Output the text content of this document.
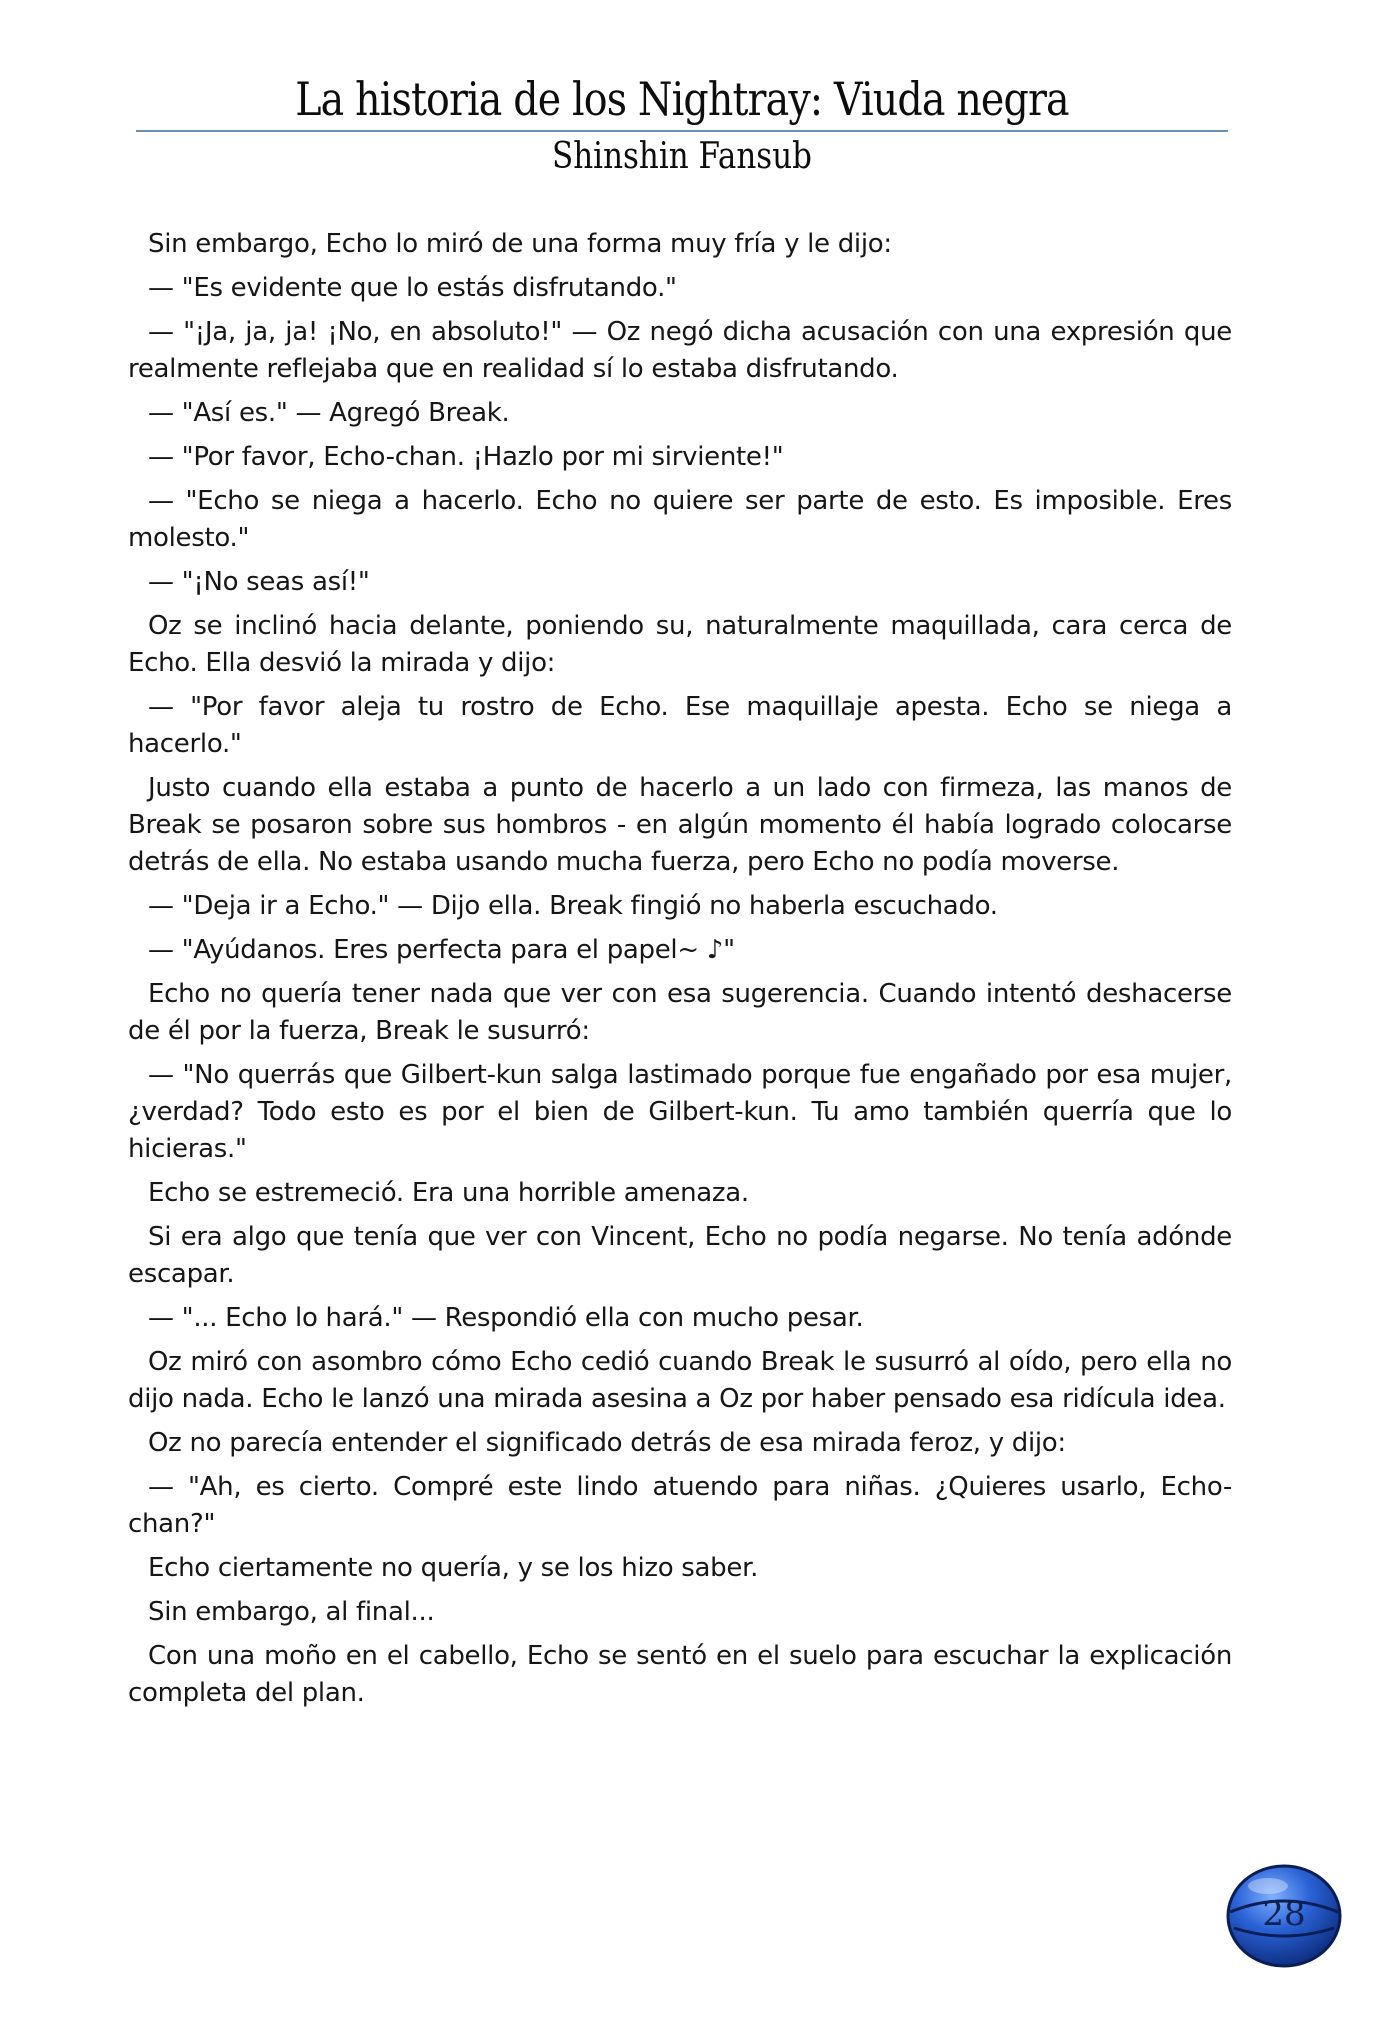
La historia de los Nightray: Viuda negra
Shinshin Fansub

Sin embargo, Echo lo miró de una forma muy fría y le dijo:

— "Es evidente que lo estás disfrutando."

— "¡Ja, ja, ja! ¡No, en absoluto!" — Oz negó dicha acusación con una expresión que realmente reflejaba que en realidad sí lo estaba disfrutando.

— "Así es." — Agregó Break.

— "Por favor, Echo-chan. ¡Hazlo por mi sirviente!"

— "Echo se niega a hacerlo. Echo no quiere ser parte de esto. Es imposible. Eres molesto."

— "¡No seas así!"

Oz se inclinó hacia delante, poniendo su, naturalmente maquillada, cara cerca de Echo. Ella desvió la mirada y dijo:

— "Por favor aleja tu rostro de Echo. Ese maquillaje apesta. Echo se niega a hacerlo."

Justo cuando ella estaba a punto de hacerlo a un lado con firmeza, las manos de Break se posaron sobre sus hombros - en algún momento él había logrado colocarse detrás de ella. No estaba usando mucha fuerza, pero Echo no podía moverse.

— "Deja ir a Echo." — Dijo ella. Break fingió no haberla escuchado.

— "Ayúdanos. Eres perfecta para el papel~ ♪"

Echo no quería tener nada que ver con esa sugerencia. Cuando intentó deshacerse de él por la fuerza, Break le susurró:

— "No querrás que Gilbert-kun salga lastimado porque fue engañado por esa mujer, ¿verdad? Todo esto es por el bien de Gilbert-kun. Tu amo también querría que lo hicieras."

Echo se estremeció. Era una horrible amenaza.

Si era algo que tenía que ver con Vincent, Echo no podía negarse. No tenía adónde escapar.

— "... Echo lo hará." — Respondió ella con mucho pesar.

Oz miró con asombro cómo Echo cedió cuando Break le susurró al oído, pero ella no dijo nada. Echo le lanzó una mirada asesina a Oz por haber pensado esa ridícula idea.

Oz no parecía entender el significado detrás de esa mirada feroz, y dijo:

— "Ah, es cierto. Compré este lindo atuendo para niñas. ¿Quieres usarlo, Echo-chan?"

Echo ciertamente no quería, y se los hizo saber.

Sin embargo, al final...

Con una moño en el cabello, Echo se sentó en el suelo para escuchar la explicación completa del plan.

28
